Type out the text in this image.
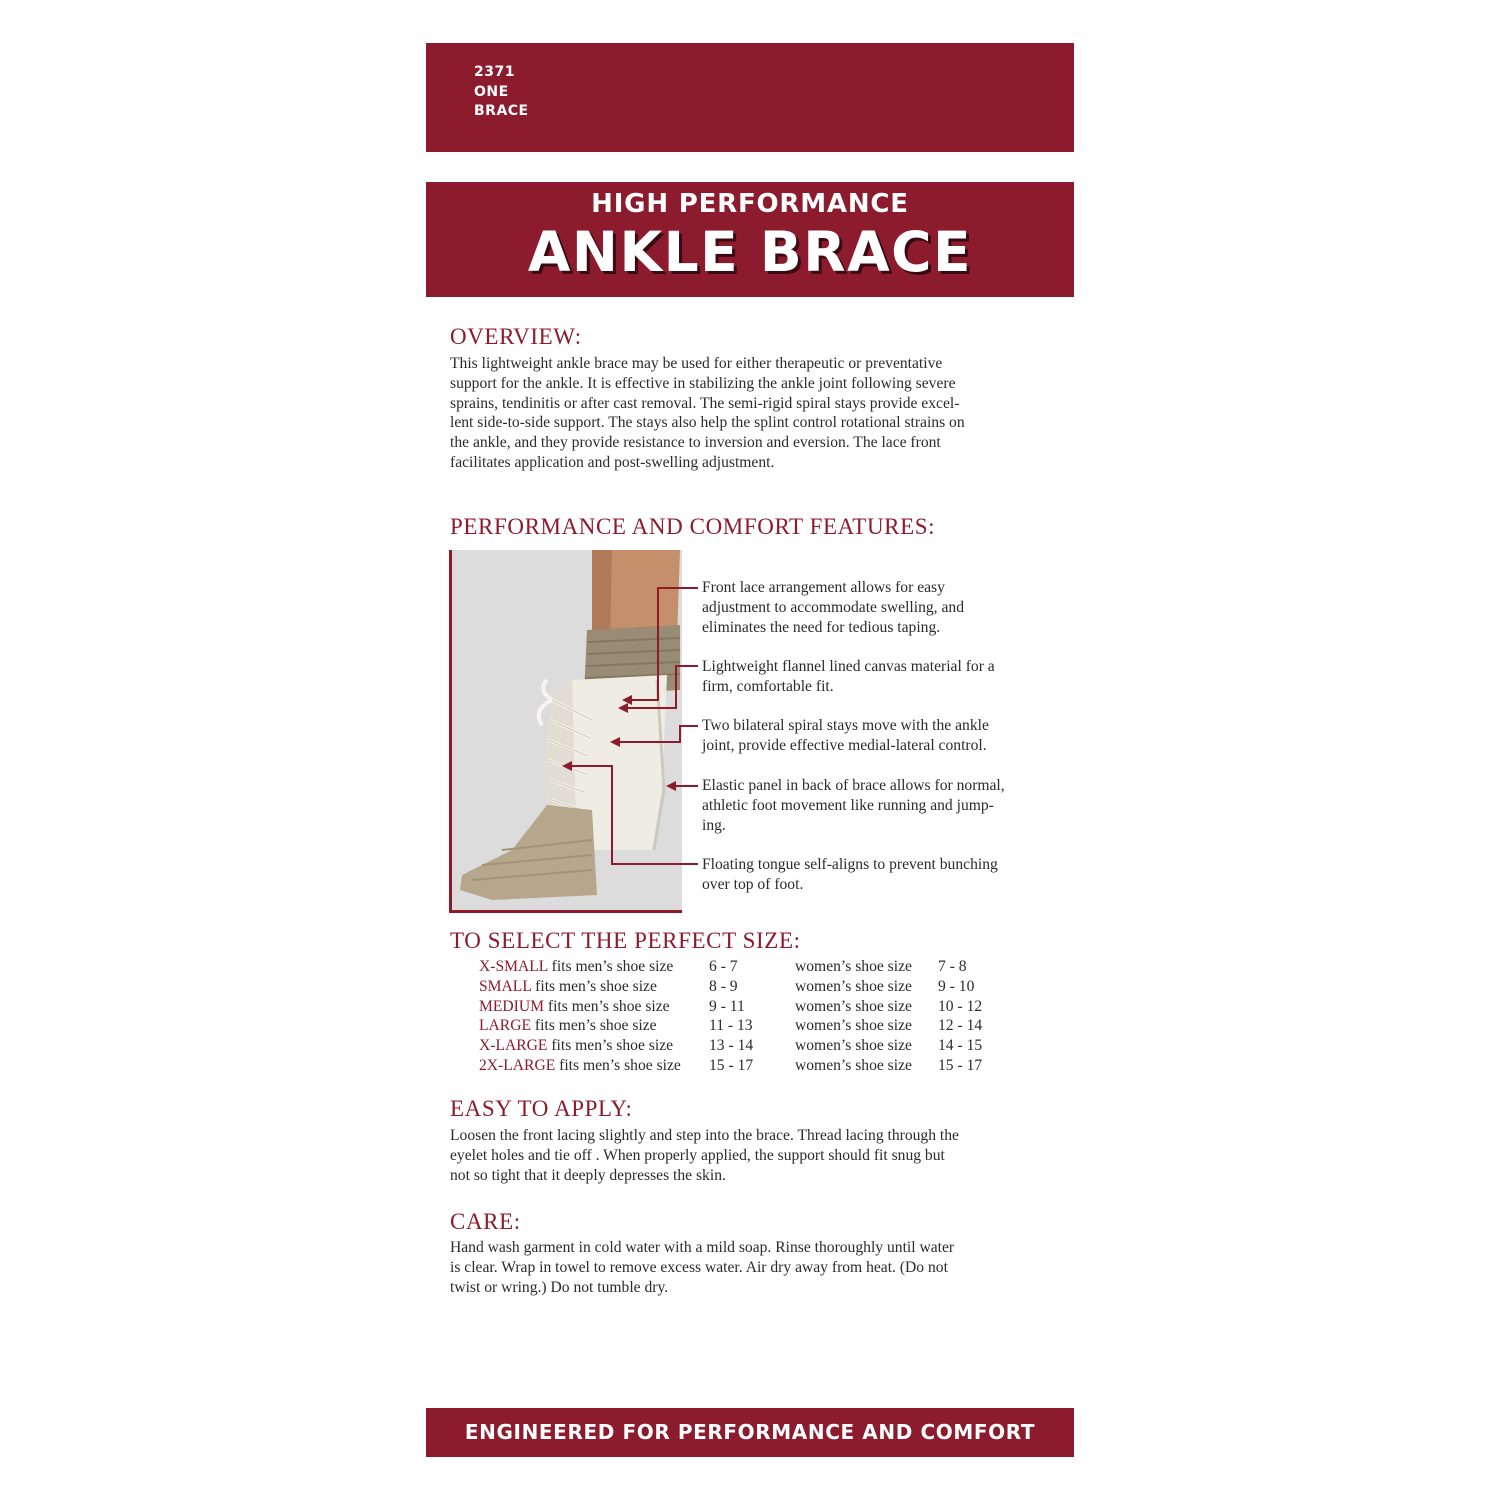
2371
ONE
BRACE
HIGH PERFORMANCE
ANKLE BRACE
OVERVIEW:
This lightweight ankle brace may be used for either therapeutic or preventative
support for the ankle. It is effective in stabilizing the ankle joint following severe
sprains, tendinitis or after cast removal. The semi-rigid spiral stays provide excel-
lent side-to-side support. The stays also help the splint control rotational strains on
the ankle, and they provide resistance to inversion and eversion. The lace front
facilitates application and post-swelling adjustment.
PERFORMANCE AND COMFORT FEATURES:
Front lace arrangement allows for easy
adjustment to accommodate swelling, and
eliminates the need for tedious taping.
Lightweight flannel lined canvas material for a
firm, comfortable fit.
Two bilateral spiral stays move with the ankle
joint, provide effective medial-lateral control.
Elastic panel in back of brace allows for normal,
athletic foot movement like running and jump-
ing.
Floating tongue self-aligns to prevent bunching
over top of foot.
TO SELECT THE PERFECT SIZE:
X-SMALL fits men’s shoe size 6 - 7	women’s shoe size 7 - 8
SMALL fits men’s shoe size	8 - 9	women’s shoe size 9 - 10
MEDIUM fits men’s shoe size	9 - 11	women’s shoe size 10 - 12
LARGE fits men’s shoe size	11 - 13	women’s shoe size 12 - 14
X-LARGE fits men’s shoe size 13 - 14	women’s shoe size 14 - 15
2X-LARGE fits men’s shoe size 15 - 17	women’s shoe size 15 - 17
EASY TO APPLY:
Loosen the front lacing slightly and step into the brace. Thread lacing through the
eyelet holes and tie off . When properly applied, the support should fit snug but
not so tight that it deeply depresses the skin.
CARE:
Hand wash garment in cold water with a mild soap. Rinse thoroughly until water
is clear. Wrap in towel to remove excess water. Air dry away from heat. (Do not
twist or wring.) Do not tumble dry.
ENGINEERED FOR PERFORMANCE AND COMFORT
